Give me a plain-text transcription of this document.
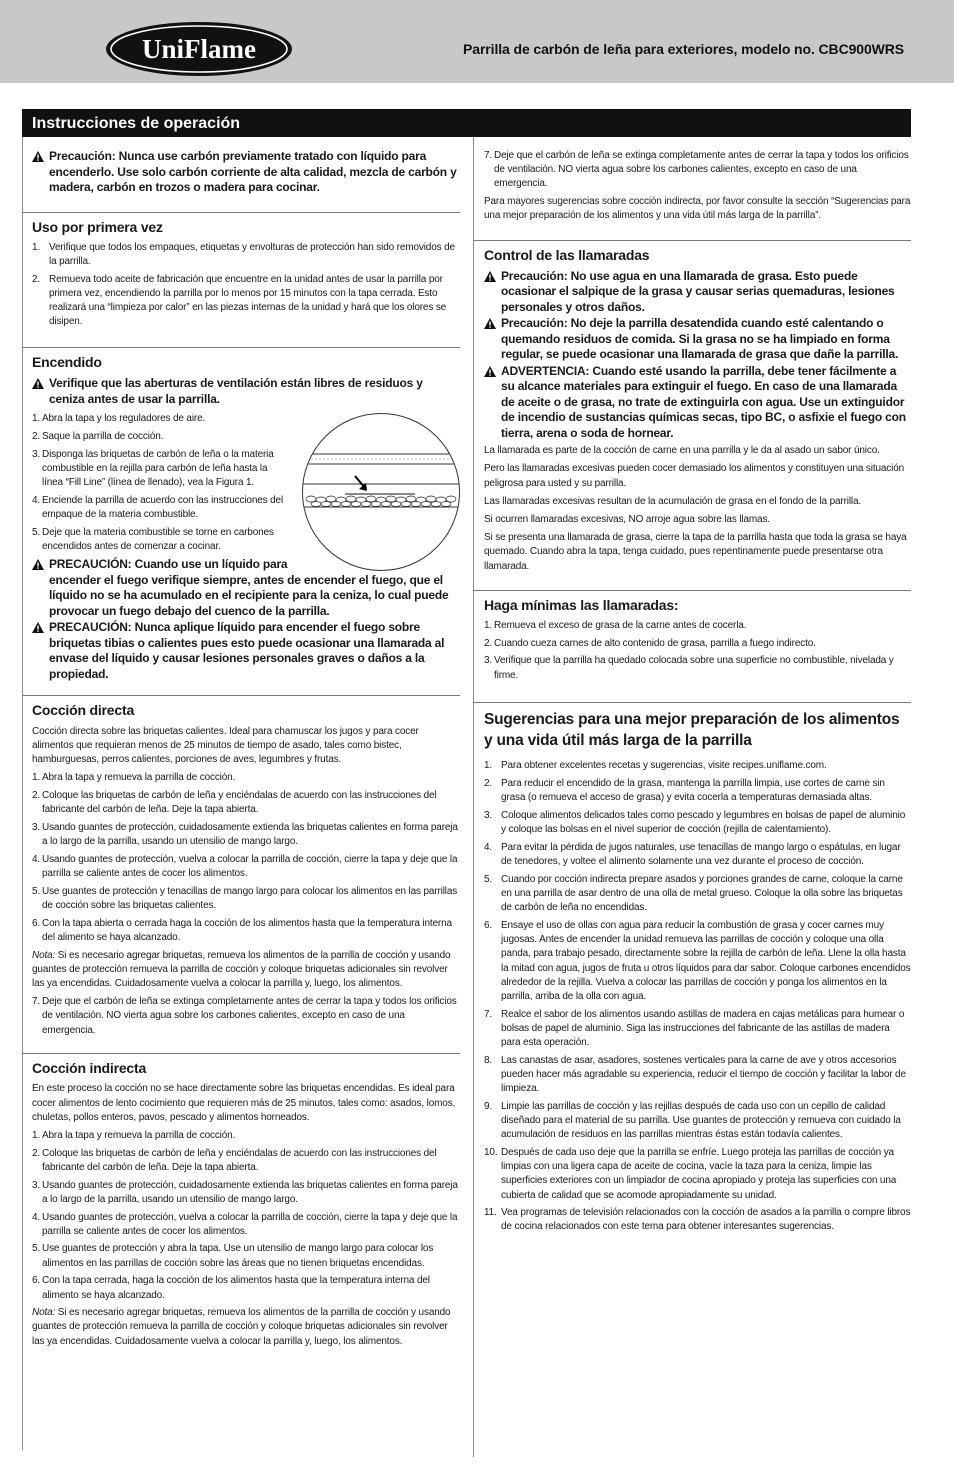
UniFlame	Parrilla de carbón de leña para exteriores, modelo no. CBC900WRS
Instrucciones de operación
Precaución: Nunca use carbón previamente tratado con líquido para encenderlo. Use solo carbón corriente de alta calidad, mezcla de carbón y madera, carbón en trozos o madera para cocinar.
Uso por primera vez
1. Verifique que todos los empaques, etiquetas y envolturas de protección han sido removidos de la parrilla.
2. Remueva todo aceite de fabricación que encuentre en la unidad antes de usar la parrilla por primera vez, encendiendo la parrilla por lo menos por 15 minutos con la tapa cerrada. Esto realizará una “limpieza por calor” en las piezas internas de la unidad y hará que los olores se disipen.
Encendido
Verifique que las aberturas de ventilación están libres de residuos y ceniza antes de usar la parrilla.
1. Abra la tapa y los reguladores de aire.
2. Saque la parrilla de cocción.
3. Disponga las briquetas de carbón de leña o la materia combustible en la rejilla para carbón de leña hasta la línea “Fill Line” (línea de llenado), vea la Figura 1.
4. Enciende la parrilla de acuerdo con las instrucciones del empaque de la materia combustible.
5. Deje que la materia combustible se torne en carbones encendidos antes de comenzar a cocinar.
PRECAUCIÓN: Cuando use un líquido para
encender el fuego verifique siempre, antes de encender el fuego, que el líquido no se ha acumulado en el recipiente para la ceniza, lo cual puede provocar un fuego debajo del cuenco de la parrilla.
PRECAUCIÓN: Nunca aplique líquido para encender el fuego sobre briquetas tibias o calientes pues esto puede ocasionar una llamarada al envase del líquido y causar lesiones personales graves o daños a la propiedad.
Cocción directa

Cocción directa sobre las briquetas calientes. Ideal para chamuscar los jugos y para cocer alimentos que requieran menos de 25 minutos de tiempo de asado, tales como bistec, hamburguesas, perros calientes, porciones de aves, legumbres y frutas.

1. Abra la tapa y remueva la parrilla de cocción.
2. Coloque las briquetas de carbón de leña y enciéndalas de acuerdo con las instrucciones del fabricante del carbón de leña. Deje la tapa abierta.
3. Usando guantes de protección, cuidadosamente extienda las briquetas calientes en forma pareja a lo largo de la parrilla, usando un utensilio de mango largo.
4. Usando guantes de protección, vuelva a colocar la parrilla de cocción, cierre la tapa y deje que la parrilla se caliente antes de cocer los alimentos.
5. Use guantes de protección y tenacillas de mango largo para colocar los alimentos en las parrillas de cocción sobre las briquetas calientes.
6. Con la tapa abierta o cerrada haga la cocción de los alimentos hasta que la temperatura interna del alimento se haya alcanzado.

Nota: Si es necesario agregar briquetas, remueva los alimentos de la parrilla de cocción y usando guantes de protección remueva la parrilla de cocción y coloque briquetas adicionales sin revolver las ya encendidas. Cuidadosamente vuelva a colocar la parrilla y, luego, los alimentos.

7. Deje que el carbón de leña se extinga completamente antes de cerrar la tapa y todos los orificios de ventilación. NO vierta agua sobre los carbones calientes, excepto en caso de una emergencia.
Cocción indirecta

En este proceso la cocción no se hace directamente sobre las briquetas encendidas. Es ideal para cocer alimentos de lento cocimiento que requieren más de 25 minutos, tales como: asados, lomos, chuletas, pollos enteros, pavos, pescado y alimentos horneados.

1. Abra la tapa y remueva la parrilla de cocción.
2. Coloque las briquetas de carbón de leña y enciéndalas de acuerdo con las instrucciones del fabricante del carbón de leña. Deje la tapa abierta.
3. Usando guantes de protección, cuidadosamente extienda las briquetas calientes en forma pareja a lo largo de la parrilla, usando un utensilio de mango largo.
4. Usando guantes de protección, vuelva a colocar la parrilla de cocción, cierre la tapa y deje que la parrilla se caliente antes de cocer los alimentos.
5. Use guantes de protección y abra la tapa. Use un utensilio de mango largo para colocar los alimentos en las parrillas de cocción sobre las áreas que no tienen briquetas encendidas.
6. Con la tapa cerrada, haga la cocción de los alimentos hasta que la temperatura interna del alimento se haya alcanzado.

Nota: Si es necesario agregar briquetas, remueva los alimentos de la parrilla de cocción y usando guantes de protección remueva la parrilla de cocción y coloque briquetas adicionales sin revolver las ya encendidas. Cuidadosamente vuelva a colocar la parrilla y, luego, los alimentos.

7. Deje que el carbón de leña se extinga completamente antes de cerrar la tapa y todos los orificios de ventilación. NO vierta agua sobre los carbones calientes, excepto en caso de una emergencia.

Para mayores sugerencias sobre cocción indirecta, por favor consulte la sección “Sugerencias para una mejor preparación de los alimentos y una vida útil más larga de la parrilla”.

Control de las llamaradas
Precaución: No use agua en una llamarada de grasa. Esto puede ocasionar el salpique de la grasa y causar serias quemaduras, lesiones personales y otros daños.
Precaución: No deje la parrilla desatendida cuando esté calentando o quemando residuos de comida. Si la grasa no se ha limpiado en forma regular, se puede ocasionar una llamarada de grasa que dañe la parrilla.
ADVERTENCIA: Cuando esté usando la parrilla, debe tener fácilmente a su alcance materiales para extinguir el fuego. En caso de una llamarada de aceite o de grasa, no trate de extinguirla con agua. Use un extinguidor de incendio de sustancias químicas secas, tipo BC, o asfixie el fuego con tierra, arena o soda de hornear.

La llamarada es parte de la cocción de carne en una parrilla y le da al asado un sabor único.

Pero las llamaradas excesivas pueden cocer demasiado los alimentos y constituyen una situación peligrosa para usted y su parrilla.

Las llamaradas excesivas resultan de la acumulación de grasa en el fondo de la parrilla.

Si ocurren llamaradas excesivas, NO arroje agua sobre las llamas.

Si se presenta una llamarada de grasa, cierre la tapa de la parrilla hasta que toda la grasa se haya quemado. Cuando abra la tapa, tenga cuidado, pues repentinamente puede presentarse otra llamarada.

Haga mínimas las llamaradas:
1. Remueva el exceso de grasa de la carne antes de cocerla.
2. Cuando cueza carnes de alto contenido de grasa, parrilla a fuego indirecto.
3. Verifique que la parrilla ha quedado colocada sobre una superficie no combustible, nivelada y firme.
Sugerencias para una mejor preparación de los alimentos y una vida útil más larga de la parrilla
1. Para obtener excelentes recetas y sugerencias, visite recipes.uniflame.com.
2. Para reducir el encendido de la grasa, mantenga la parrilla limpia, use cortes de carne sin grasa (o remueva el acceso de grasa) y evita cocerla a temperaturas demasiada altas.
3. Coloque alimentos delicados tales como pescado y legumbres en bolsas de papel de aluminio y coloque las bolsas en el nivel superior de cocción (rejilla de calentamiento).
4. Para evitar la pérdida de jugos naturales, use tenacillas de mango largo o espátulas, en lugar de tenedores, y voltee el alimento solamente una vez durante el proceso de cocción.
5. Cuando por cocción indirecta prepare asados y porciones grandes de carne, coloque la carne en una parrilla de asar dentro de una olla de metal grueso. Coloque la olla sobre las briquetas de carbón de leña no encendidas.
6. Ensaye el uso de ollas con agua para reducir la combustión de grasa y cocer carnes muy jugosas. Antes de encender la unidad remueva las parrillas de cocción y coloque una olla panda, para trabajo pesado, directamente sobre la rejilla de carbón de leña. Llene la olla hasta la mitad con agua, jugos de fruta u otros líquidos para dar sabor. Coloque carbones encendidos alrededor de la rejilla. Vuelva a colocar las parrillas de cocción y ponga los alimentos en la parrilla, arriba de la olla con agua.
7. Realce el sabor de los alimentos usando astillas de madera en cajas metálicas para humear o bolsas de papel de aluminio. Siga las instrucciones del fabricante de las astillas de madera para esta operación.
8. Las canastas de asar, asadores, sostenes verticales para la carne de ave y otros accesorios pueden hacer más agradable su experiencia, reducir el tiempo de cocción y facilitar la labor de limpieza.
9. Limpie las parrillas de cocción y las rejillas después de cada uso con un cepillo de calidad diseñado para el material de su parrilla. Use guantes de protección y remueva con cuidado la acumulación de residuos en las parrillas mientras éstas están todavía calientes.
10. Después de cada uso deje que la parrilla se enfríe. Luego proteja las parrillas de cocción ya limpias con una ligera capa de aceite de cocina, vacíe la taza para la ceniza, limpie las superficies exteriores con un limpiador de cocina apropiado y proteja las superficies con una cubierta de calidad que se acomode apropiadamente su unidad.
11. Vea programas de televisión relacionados con la cocción de asados a la parrilla o compre libros de cocina relacionados con este tema para obtener interesantes sugerencias.
